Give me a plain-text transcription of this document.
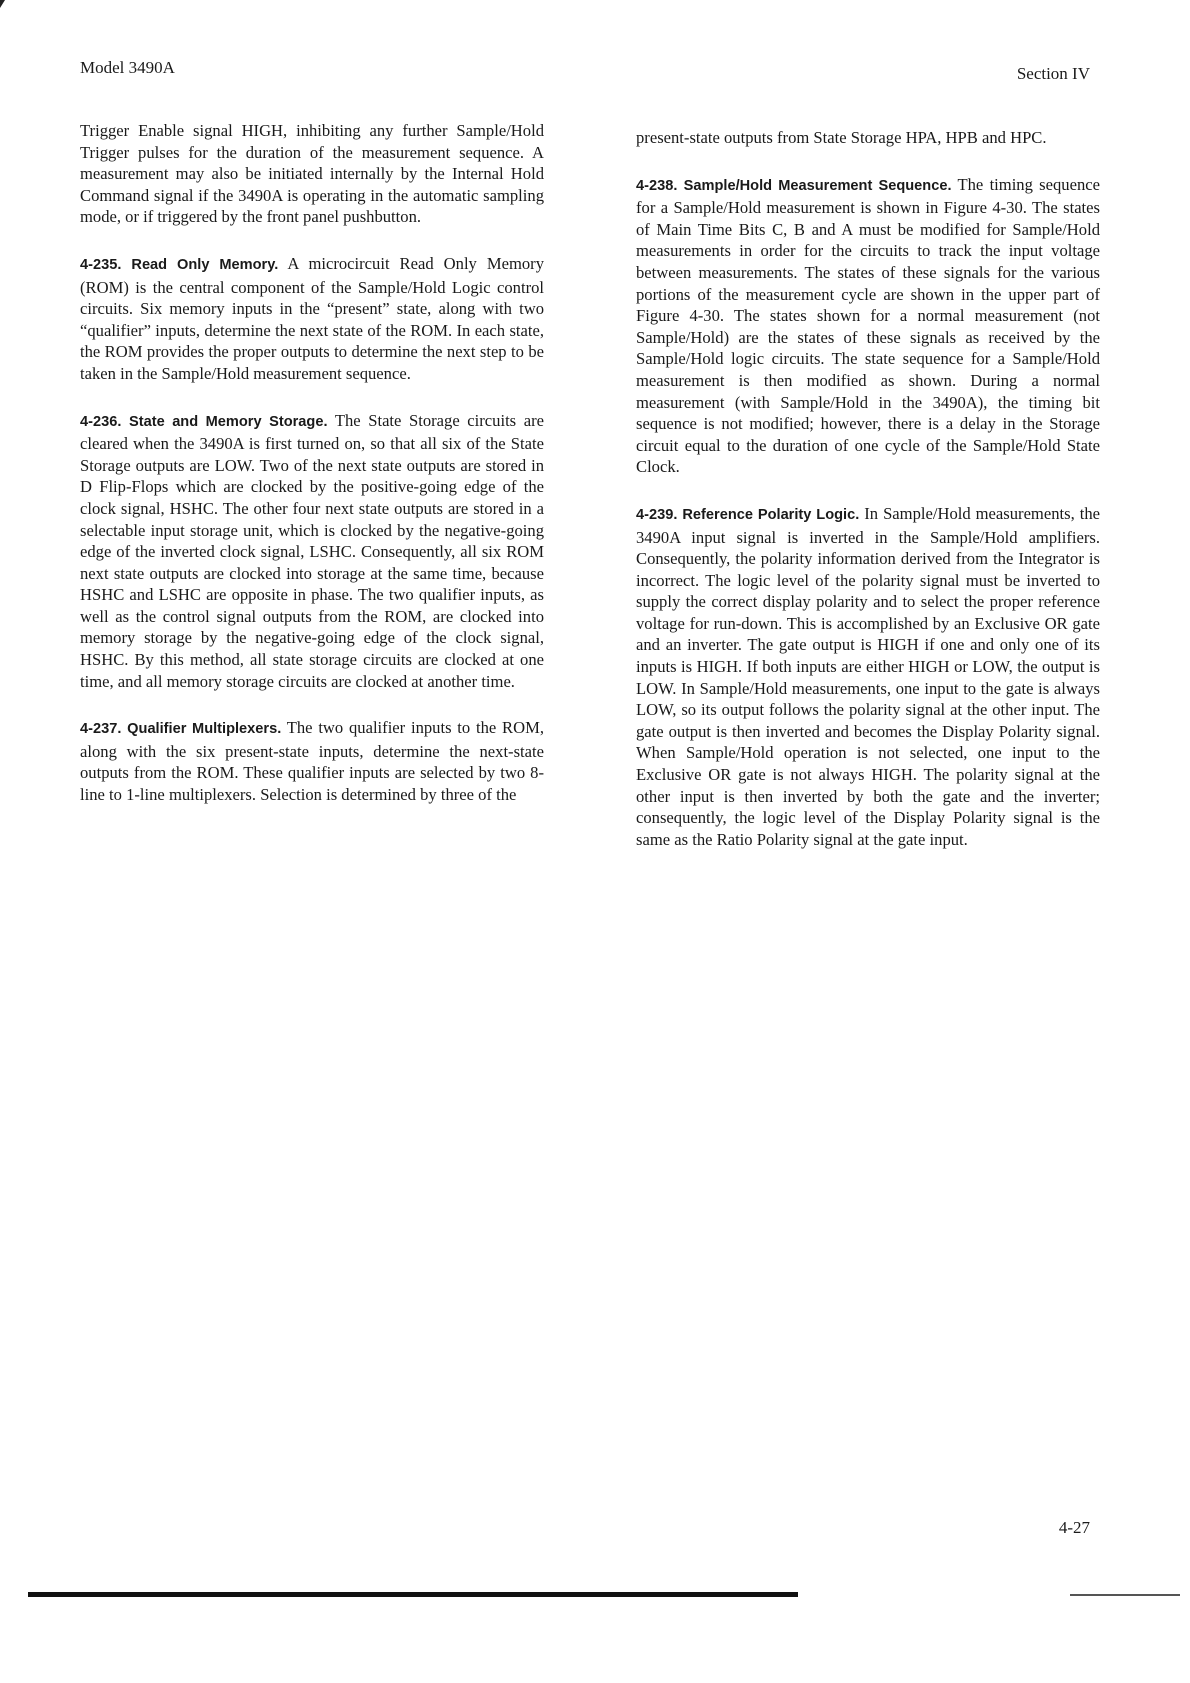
Model 3490A	Section IV

Trigger Enable signal HIGH, inhibiting any further Sample/Hold Trigger pulses for the duration of the measurement sequence. A measurement may also be initiated internally by the Internal Hold Command signal if the 3490A is operating in the automatic sampling mode, or if triggered by the front panel pushbutton.

4-235. Read Only Memory. A microcircuit Read Only Memory (ROM) is the central component of the Sample/Hold Logic control circuits. Six memory inputs in the “present” state, along with two “qualifier” inputs, determine the next state of the ROM. In each state, the ROM provides the proper outputs to determine the next step to be taken in the Sample/Hold measurement sequence.

4-236. State and Memory Storage. The State Storage circuits are cleared when the 3490A is first turned on, so that all six of the State Storage outputs are LOW. Two of the next state outputs are stored in D Flip-Flops which are clocked by the positive-going edge of the clock signal, HSHC. The other four next state outputs are stored in a selectable input storage unit, which is clocked by the negative-going edge of the inverted clock signal, LSHC. Consequently, all six ROM next state outputs are clocked into storage at the same time, because HSHC and LSHC are opposite in phase. The two qualifier inputs, as well as the control signal outputs from the ROM, are clocked into memory storage by the negative-going edge of the clock signal, HSHC. By this method, all state storage circuits are clocked at one time, and all memory storage circuits are clocked at another time.

4-237. Qualifier Multiplexers. The two qualifier inputs to the ROM, along with the six present-state inputs, determine the next-state outputs from the ROM. These qualifier inputs are selected by two 8-line to 1-line multiplexers. Selection is determined by three of the

present-state outputs from State Storage HPA, HPB and HPC.

4-238. Sample/Hold Measurement Sequence. The timing sequence for a Sample/Hold measurement is shown in Figure 4-30. The states of Main Time Bits C, B and A must be modified for Sample/Hold measurements in order for the circuits to track the input voltage between measurements. The states of these signals for the various portions of the measurement cycle are shown in the upper part of Figure 4-30. The states shown for a normal measurement (not Sample/Hold) are the states of these signals as received by the Sample/Hold logic circuits. The state sequence for a Sample/Hold measurement is then modified as shown. During a normal measurement (with Sample/Hold in the 3490A), the timing bit sequence is not modified; however, there is a delay in the Storage circuit equal to the duration of one cycle of the Sample/Hold State Clock.

4-239. Reference Polarity Logic. In Sample/Hold measurements, the 3490A input signal is inverted in the Sample/Hold amplifiers. Consequently, the polarity information derived from the Integrator is incorrect. The logic level of the polarity signal must be inverted to supply the correct display polarity and to select the proper reference voltage for run-down. This is accomplished by an Exclusive OR gate and an inverter. The gate output is HIGH if one and only one of its inputs is HIGH. If both inputs are either HIGH or LOW, the output is LOW. In Sample/Hold measurements, one input to the gate is always LOW, so its output follows the polarity signal at the other input. The gate output is then inverted and becomes the Display Polarity signal. When Sample/Hold operation is not selected, one input to the Exclusive OR gate is not always HIGH. The polarity signal at the other input is then inverted by both the gate and the inverter; consequently, the logic level of the Display Polarity signal is the same as the Ratio Polarity signal at the gate input.

4-27
